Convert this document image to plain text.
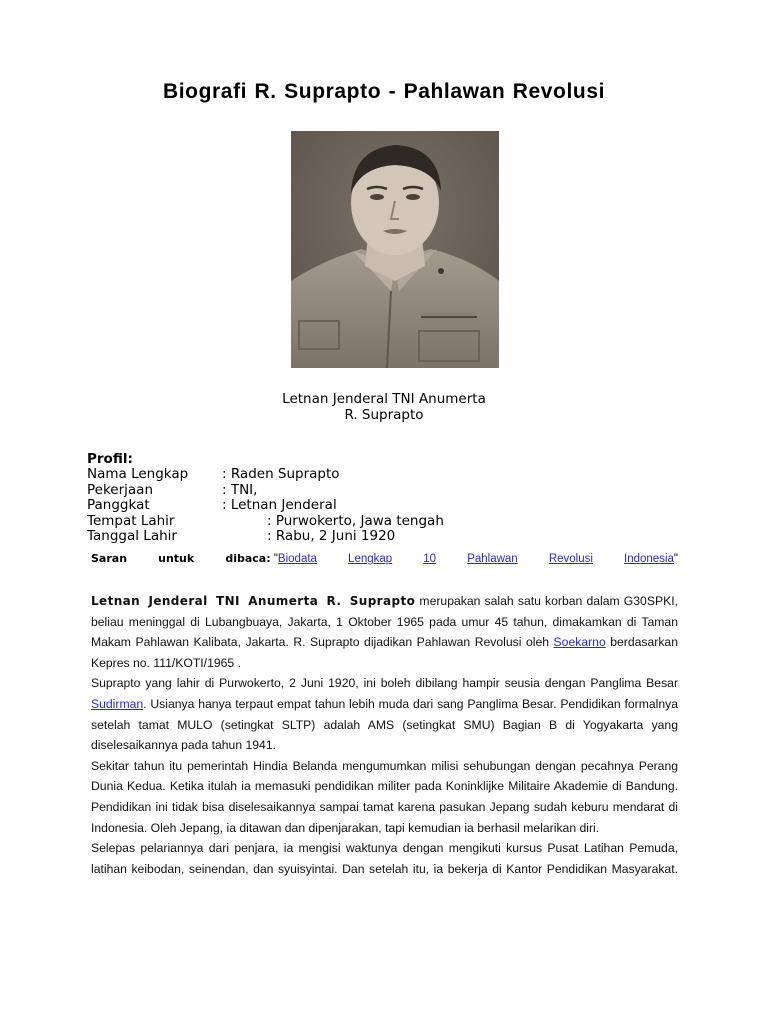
Biografi R. Suprapto - Pahlawan Revolusi
Letnan Jenderal TNI Anumerta
R. Suprapto
Profil:
Nama Lengkap	: Raden Suprapto
Pekerjaan	: TNI,
Panggkat	: Letnan Jenderal
Tempat Lahir	: Purwokerto, Jawa tengah
Tanggal Lahir	: Rabu, 2 Juni 1920
Saran	untuk	dibaca: "Biodata	Lengkap	10	Pahlawan	Revolusi	Indonesia"

Letnan Jenderal TNI Anumerta R. Suprapto merupakan salah satu korban dalam G30SPKI, beliau meninggal di Lubangbuaya, Jakarta, 1 Oktober 1965 pada umur 45 tahun, dimakamkan di Taman Makam Pahlawan Kalibata, Jakarta. R. Suprapto dijadikan Pahlawan Revolusi oleh Soekarno berdasarkan Kepres no. 111/KOTI/1965 .

Suprapto yang lahir di Purwokerto, 2 Juni 1920, ini boleh dibilang hampir seusia dengan Panglima Besar Sudirman. Usianya hanya terpaut empat tahun lebih muda dari sang Panglima Besar. Pendidikan formalnya setelah tamat MULO (setingkat SLTP) adalah AMS (setingkat SMU) Bagian B di Yogyakarta yang diselesaikannya pada tahun 1941.

Sekitar tahun itu pemerintah Hindia Belanda mengumumkan milisi sehubungan dengan pecahnya Perang Dunia Kedua. Ketika itulah ia memasuki pendidikan militer pada Koninklijke Militaire Akademie di Bandung. Pendidikan ini tidak bisa diselesaikannya sampai tamat karena pasukan Jepang sudah keburu mendarat di Indonesia. Oleh Jepang, ia ditawan dan dipenjarakan, tapi kemudian ia berhasil melarikan diri.

Selepas pelariannya dari penjara, ia mengisi waktunya dengan mengikuti kursus Pusat Latihan Pemuda, latihan keibodan, seinendan, dan syuisyintai. Dan setelah itu, ia bekerja di Kantor Pendidikan Masyarakat.
